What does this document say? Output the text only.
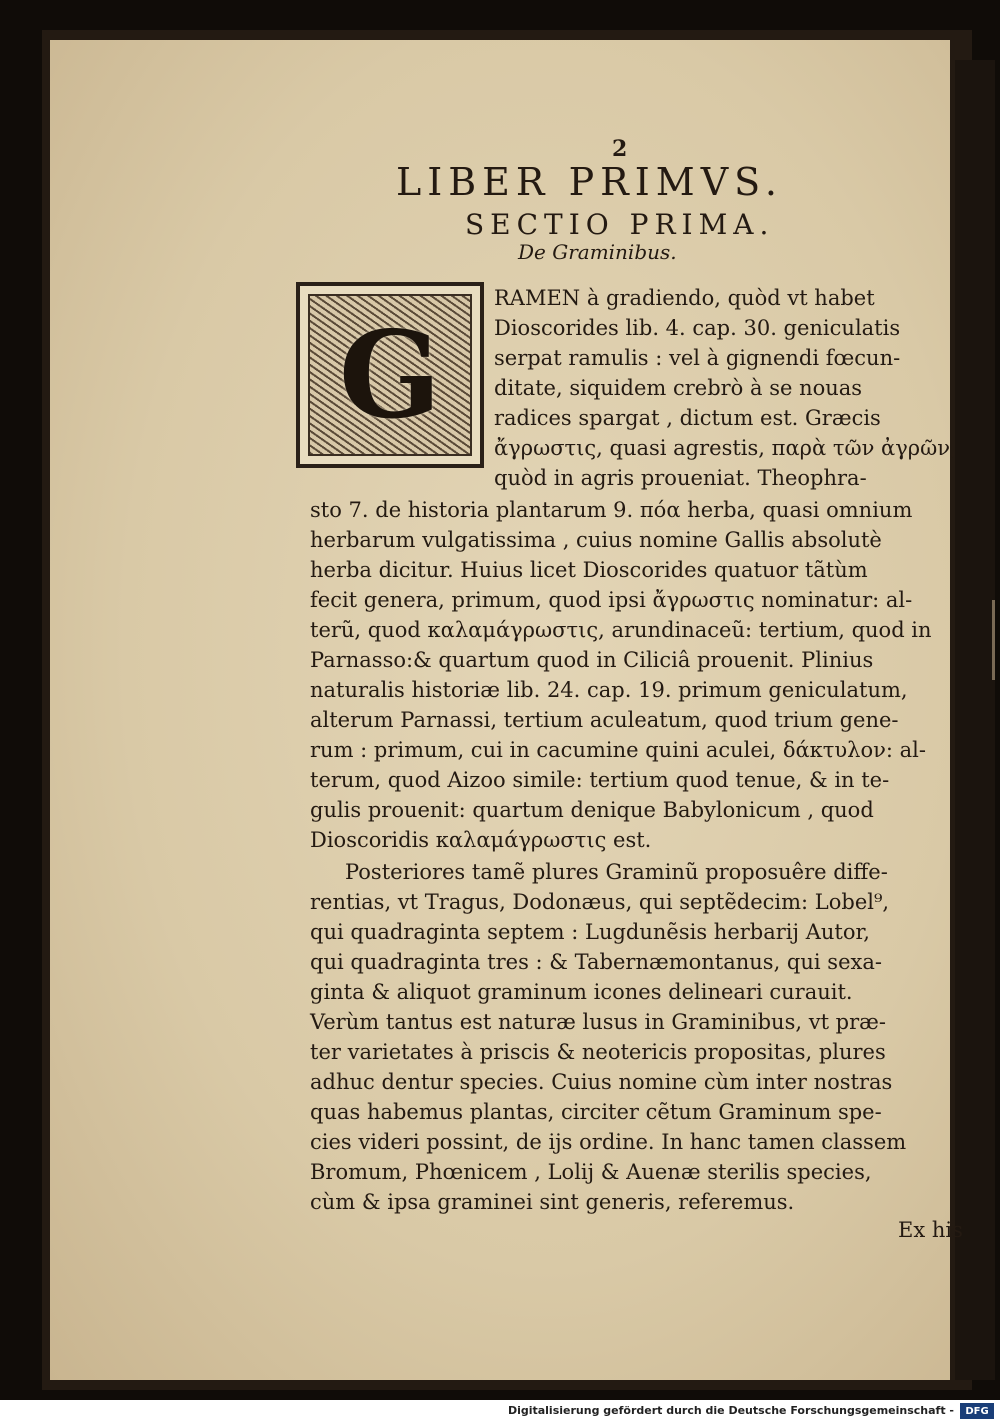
2
LIBER PRIMVS.
SECTIO PRIMA.
De Graminibus.
G
RAMEN à gradiendo, quòd vt habet
Dioscorides lib. 4. cap. 30. geniculatis
serpat ramulis : vel à gignendi fœcun-
ditate, siquidem crebrò à se nouas
radices spargat , dictum est. Græcis
ἄγρωστις, quasi agrestis, παρὰ τῶν ἀγρῶν,
quòd in agris proueniat. Theophra-
sto 7. de historia plantarum 9. πόα herba, quasi omnium
herbarum vulgatissima , cuius nomine Gallis absolutè
herba dicitur. Huius licet Dioscorides quatuor tãtùm
fecit genera, primum, quod ipsi ἄγρωστις nominatur: al-
terũ, quod καλαμάγρωστις, arundinaceũ: tertium, quod in
Parnasso:& quartum quod in Ciliciâ prouenit. Plinius
naturalis historiæ lib. 24. cap. 19. primum geniculatum,
alterum Parnassi, tertium aculeatum, quod trium gene-
rum : primum, cui in cacumine quini aculei, δάκτυλον: al-
terum, quod Aizoo simile: tertium quod tenue, & in te-
gulis prouenit: quartum denique Babylonicum , quod
Dioscoridis καλαμάγρωστις est.
Posteriores tamẽ plures Graminũ proposuêre diffe-
rentias, vt Tragus, Dodonæus, qui septẽdecim: Lobel⁹,
qui quadraginta septem : Lugdunẽsis herbarij Autor,
qui quadraginta tres : & Tabernæmontanus, qui sexa-
ginta & aliquot graminum icones delineari curauit.
Verùm tantus est naturæ lusus in Graminibus, vt præ-
ter varietates à priscis & neotericis propositas, plures
adhuc dentur species. Cuius nomine cùm inter nostras
quas habemus plantas, circiter cẽtum Graminum spe-
cies videri possint, de ijs ordine. In hanc tamen classem
Bromum, Phœnicem , Lolij & Auenæ sterilis species,
cùm & ipsa graminei sint generis, referemus.
Ex his
Digitalisierung gefördert durch die Deutsche Forschungsgemeinschaft -	DFG
